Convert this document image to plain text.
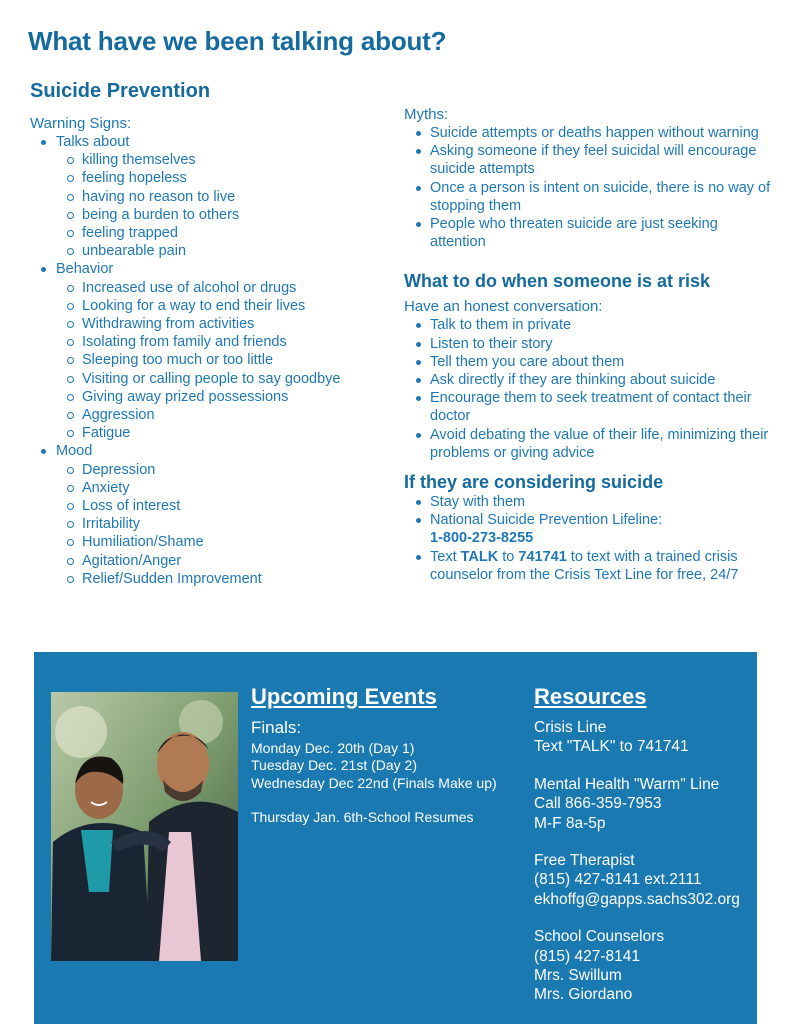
What have we been talking about?
Suicide Prevention

Warning Signs:

Talks about
killing themselves
feeling hopeless
having no reason to live
being a burden to others
feeling trapped
unbearable pain
Behavior
Increased use of alcohol or drugs
Looking for a way to end their lives
Withdrawing from activities
Isolating from family and friends
Sleeping too much or too little
Visiting or calling people to say goodbye
Giving away prized possessions
Aggression
Fatigue
Mood
Depression
Anxiety
Loss of interest
Irritability
Humiliation/Shame
Agitation/Anger
Relief/Sudden Improvement

Myths:

Suicide attempts or deaths happen without warning
Asking someone if they feel suicidal will encourage suicide attempts
Once a person is intent on suicide, there is no way of stopping them
People who threaten suicide are just seeking attention
What to do when someone is at risk

Have an honest conversation:

Talk to them in private
Listen to their story
Tell them you care about them
Ask directly if they are thinking about suicide
Encourage them to seek treatment of contact their doctor
Avoid debating the value of their life, minimizing their problems or giving advice
If they are considering suicide
Stay with them
National Suicide Prevention Lifeline:
1-800-273-8255
Text TALK to 741741 to text with a trained crisis counselor from the Crisis Text Line for free, 24/7
Upcoming Events

Finals:

Monday Dec. 20th (Day 1)

Tuesday Dec. 21st (Day 2)

Wednesday Dec 22nd (Finals Make up)

Thursday Jan. 6th-School Resumes

Resources

Crisis Line

Text "TALK" to 741741

Mental Health "Warm" Line

Call 866-359-7953

M-F 8a-5p

Free Therapist

(815) 427-8141 ext.2111

ekhoffg@gapps.sachs302.org

School Counselors

(815) 427-8141

Mrs. Swillum

Mrs. Giordano
